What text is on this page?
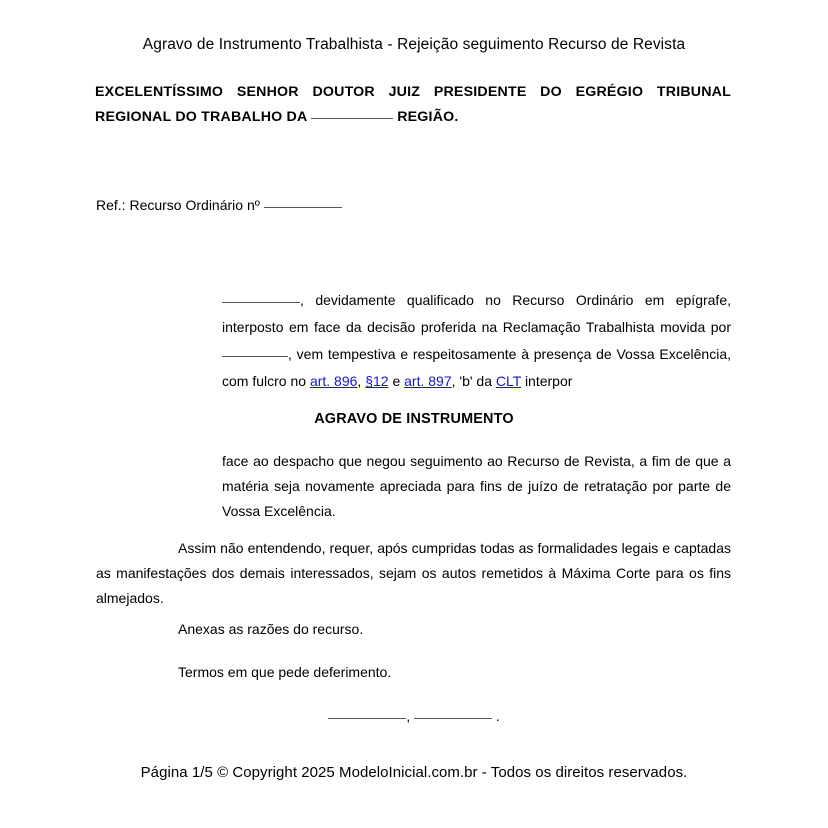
Agravo de Instrumento Trabalhista - Rejeição seguimento Recurso de Revista
EXCELENTÍSSIMO SENHOR DOUTOR JUIZ PRESIDENTE DO EGRÉGIO TRIBUNAL REGIONAL DO TRABALHO DA	REGIÃO.
Ref.: Recurso Ordinário nº
, devidamente qualificado no Recurso Ordinário em epígrafe, interposto em face da decisão proferida na Reclamação Trabalhista movida por , vem tempestiva e respeitosamente à presença de Vossa Excelência, com fulcro no art. 896, §12 e art. 897, 'b' da CLT interpor
AGRAVO DE INSTRUMENTO
face ao despacho que negou seguimento ao Recurso de Revista, a fim de que a matéria seja novamente apreciada para fins de juízo de retratação por parte de Vossa Excelência.
Assim não entendendo, requer, após cumpridas todas as formalidades legais e captadas as manifestações dos demais interessados, sejam os autos remetidos à Máxima Corte para os fins almejados.
Anexas as razões do recurso.
Termos em que pede deferimento.
,	.
Página 1/5 © Copyright 2025 ModeloInicial.com.br - Todos os direitos reservados.
